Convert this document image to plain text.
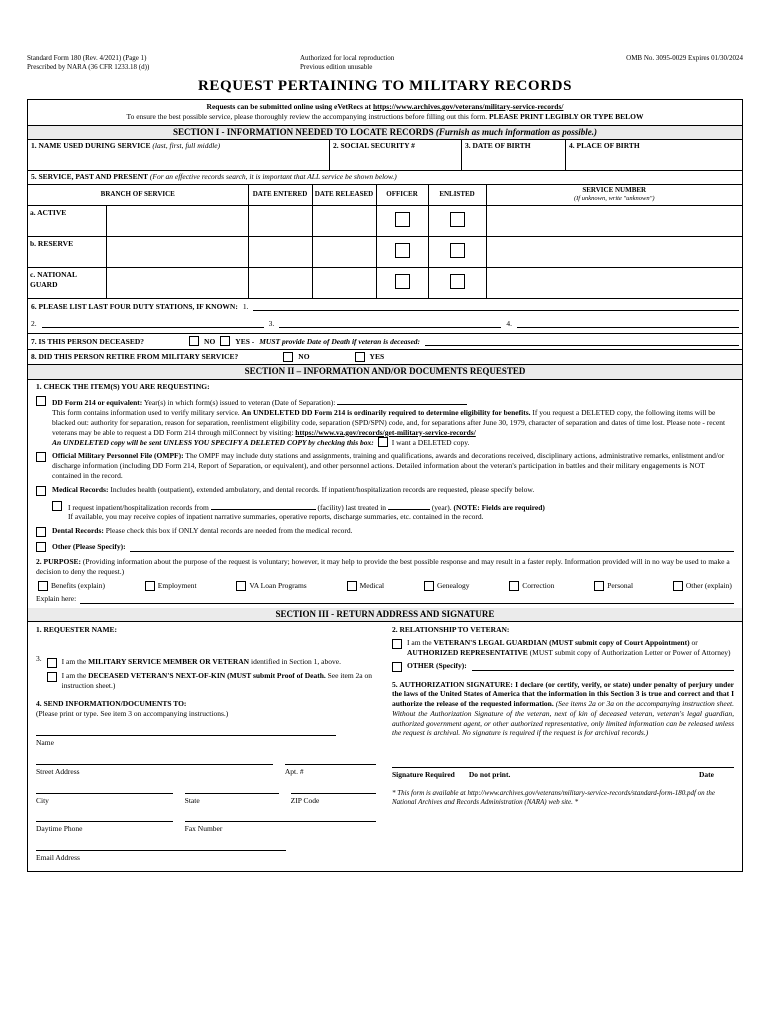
Standard Form 180 (Rev. 4/2021) (Page 1)
Prescribed by NARA (36 CFR 1233.18 (d))
Authorized for local reproduction
Previous edition unusable
OMB No. 3095-0029 Expires 01/30/2024
REQUEST PERTAINING TO MILITARY RECORDS
Requests can be submitted online using eVetRecs at https://www.archives.gov/veterans/military-service-records/
To ensure the best possible service, please thoroughly review the accompanying instructions before filling out this form. PLEASE PRINT LEGIBLY OR TYPE BELOW
SECTION I - INFORMATION NEEDED TO LOCATE RECORDS (Furnish as much information as possible.)
1. NAME USED DURING SERVICE (last, first, full middle)	2. SOCIAL SECURITY #	3. DATE OF BIRTH	4. PLACE OF BIRTH
5. SERVICE, PAST AND PRESENT (For an effective records search, it is important that ALL service be shown below.)
BRANCH OF SERVICE		DATE ENTERED	DATE RELEASED	OFFICER	ENLISTED	SERVICE NUMBER
(If unknown, write "unknown")

a. ACTIVE						
b. RESERVE						
c. NATIONAL GUARD						
6. PLEASE LIST LAST FOUR DUTY STATIONS, IF KNOWN: 1.
2.	3.	4.
7. IS THIS PERSON DECEASED?	NO	YES - MUST provide Date of Death if veteran is deceased:
8. DID THIS PERSON RETIRE FROM MILITARY SERVICE?	NO	YES
SECTION II – INFORMATION AND/OR DOCUMENTS REQUESTED
1. CHECK THE ITEM(S) YOU ARE REQUESTING:
DD Form 214 or equivalent: Year(s) in which form(s) issued to veteran (Date of Separation):
This form contains information used to verify military service. An UNDELETED DD Form 214 is ordinarily required to determine eligibility for benefits. If you request a DELETED copy, the following items will be blacked out: authority for separation, reason for separation, reenlistment eligibility code, separation (SPD/SPN) code, and, for separations after June 30, 1979, character of separation and dates of time lost. Please note - recent veterans may be able to request a DD Form 214 through milConnect by visiting: https://www.va.gov/records/get-military-service-records/
An UNDELETED copy will be sent UNLESS YOU SPECIFY A DELETED COPY by checking this box: I want a DELETED copy.
Official Military Personnel File (OMPF): The OMPF may include duty stations and assignments, training and qualifications, awards and decorations received, disciplinary actions, administrative remarks, enlistment and/or discharge information (including DD Form 214, Report of Separation, or equivalent), and other personnel actions. Detailed information about the veteran's participation in battles and their military engagements is NOT contained in the record.
Medical Records: Includes health (outpatient), extended ambulatory, and dental records. If inpatient/hospitalization records are requested, please specify below.
I request inpatient/hospitalization records from	(facility) last treated in	(year). (NOTE: Fields are required)
If available, you may receive copies of inpatient narrative summaries, operative reports, discharge summaries, etc. contained in the record.
Dental Records: Please check this box if ONLY dental records are needed from the medical record.
Other (Please Specify):
2. PURPOSE: (Providing information about the purpose of the request is voluntary; however, it may help to provide the best possible response and may result in a faster reply. Information provided will in no way be used to make a decision to deny the request.)
Benefits (explain)	Employment	VA Loan Programs	Medical	Genealogy	Correction	Personal	Other (explain)
Explain here:
SECTION III - RETURN ADDRESS AND SIGNATURE
1. REQUESTER NAME:
3.	I am the MILITARY SERVICE MEMBER OR VETERAN identified in Section 1, above.
I am the DECEASED VETERAN'S NEXT-OF-KIN (MUST submit Proof of Death. See item 2a on instruction sheet.)
4. SEND INFORMATION/DOCUMENTS TO:
(Please print or type. See item 3 on accompanying instructions.)
Name
Street Address	Apt. #
City	State	ZIP Code
Daytime Phone	Fax Number
Email Address
2. RELATIONSHIP TO VETERAN:
I am the VETERAN'S LEGAL GUARDIAN (MUST submit copy of Court Appointment) or AUTHORIZED REPRESENTATIVE (MUST submit copy of Authorization Letter or Power of Attorney)
OTHER (Specify):
5. AUTHORIZATION SIGNATURE: I declare (or certify, verify, or state) under penalty of perjury under the laws of the United States of America that the information in this Section 3 is true and correct and that I authorize the release of the requested information. (See items 2a or 3a on the accompanying instruction sheet. Without the Authorization Signature of the veteran, next of kin of deceased veteran, veteran's legal guardian, authorized government agent, or other authorized representative, only limited information can be released unless the request is archival. No signature is required if the request is for archival records.)
Signature Required Do not print.	Date
* This form is available at http://www.archives.gov/veterans/military-service-records/standard-form-180.pdf on the National Archives and Records Administration (NARA) web site. *
